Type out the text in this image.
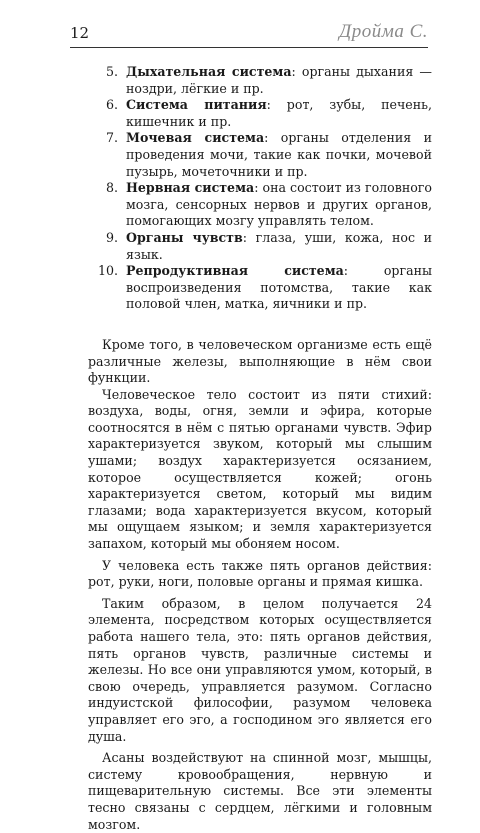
12	Дройма С.
5. Дыхательная система: органы дыхания — ноздри, лёгкие и пр.
6. Система питания: рот, зубы, печень, кишечник и пр.
7. Мочевая система: органы отделения и проведения мочи, такие как почки, мочевой пузырь, мочеточники и пр.
8. Нервная система: она состоит из головного мозга, сенсорных нервов и других органов, помогающих мозгу управлять телом.
9. Органы чувств: глаза, уши, кожа, нос и язык.
10. Репродуктивная система: органы воспроизведения потомства, такие как половой член, матка, яичники и пр.

Кроме того, в человеческом организме есть ещё различные железы, выполняющие в нём свои функции.

Человеческое тело состоит из пяти стихий: воздуха, воды, огня, земли и эфира, которые соотносятся в нём с пятью органами чувств. Эфир характеризуется звуком, который мы слышим ушами; воздух характеризуется осязанием, которое осуществляется кожей; огонь характеризуется светом, который мы видим глазами; вода характеризуется вкусом, который мы ощущаем языком; и земля характеризуется запахом, который мы обоняем носом.

У человека есть также пять органов действия: рот, руки, ноги, половые органы и прямая кишка.

Таким образом, в целом получается 24 элемента, посредством которых осуществляется работа нашего тела, это: пять органов действия, пять органов чувств, различные системы и железы. Но все они управляются умом, который, в свою очередь, управляется разумом. Согласно индуистской философии, разумом человека управляет его эго, а господином эго является его душа.

Асаны воздействуют на спинной мозг, мышцы, систему кровообращения, нервную и пищеварительную системы. Все эти элементы тесно связаны с сердцем, лёгкими и головным мозгом.
